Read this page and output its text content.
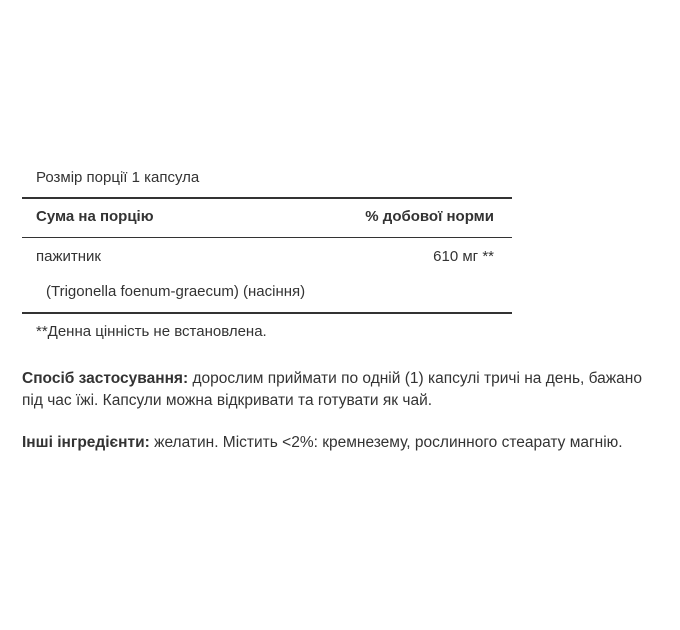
Розмір порції 1 капсула
Сума на порцію	% добової норми
пажитник	610 мг **
(Trigonella foenum-graecum) (насіння)
**Денна цінність не встановлена.
Спосіб застосування: дорослим приймати по одній (1) капсулі тричі на день, бажано під час їжі. Капсули можна відкривати та готувати як чай.
Інші інгредієнти: желатин. Містить <2%: кремнезему, рослинного стеарату магнію.
